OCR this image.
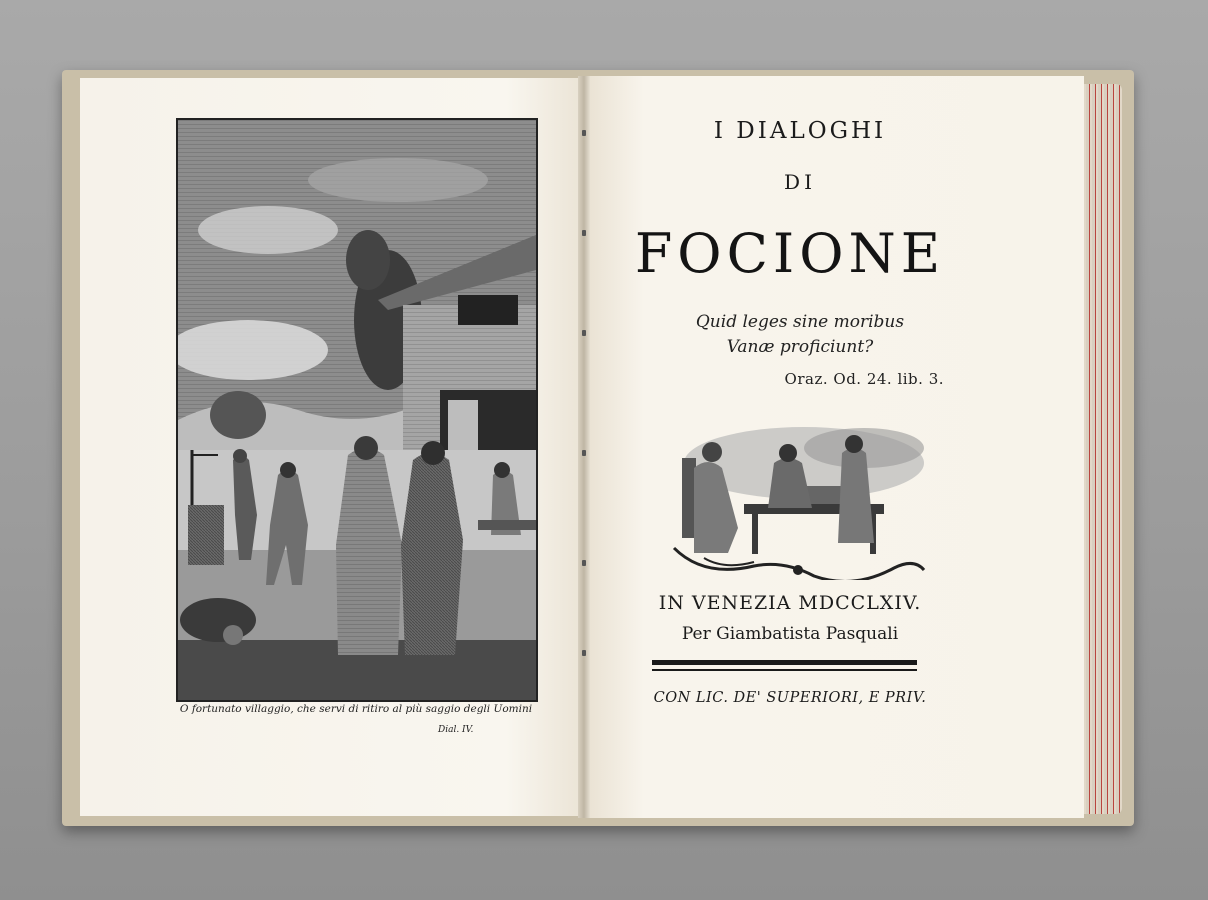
O fortunato villaggio, che servi di ritiro al più saggio degli Uomini
Dial. IV.
I DIALOGHI
DI
FOCIONE
Quid leges sine moribus
Vanæ proficiunt?
Oraz. Od. 24. lib. 3.
IN VENEZIA MDCCLXIV.
Per Giambatista Pasquali
CON LIC. DE' SUPERIORI, E PRIV.
